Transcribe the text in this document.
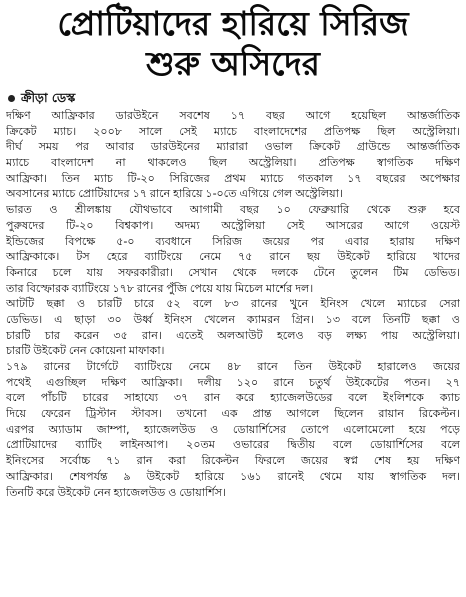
প্রোটিয়াদের হারিয়ে সিরিজ
শুরু অসিদের
ক্রীড়া ডেস্ক
দক্ষিণ আফ্রিকার ডারউইনে সবশেষ ১৭ বছর আগে হয়েছিল আন্তর্জাতিক
ক্রিকেট ম্যাচ। ২০০৮ সালে সেই ম্যাচে বাংলাদেশের প্রতিপক্ষ ছিল অস্ট্রেলিয়া।
দীর্ঘ সময় পর আবার ডারউইনের ম্যারারা ওভাল ক্রিকেট গ্রাউন্ডে আন্তর্জাতিক
ম্যাচে বাংলাদেশ না থাকলেও ছিল অস্ট্রেলিয়া। প্রতিপক্ষ স্বাগতিক দক্ষিণ
আফ্রিকা। তিন ম্যাচ টি-২০ সিরিজের প্রথম ম্যাচে গতকাল ১৭ বছরের অপেক্ষার
অবসানের ম্যাচে প্রোটিয়াদের ১৭ রানে হারিয়ে ১-০তে এগিয়ে গেল অস্ট্রেলিয়া।
ভারত ও শ্রীলঙ্কায় যৌথভাবে আগামী বছর ১০ ফেব্রুয়ারি থেকে শুরু হবে
পুরুষদের টি-২০ বিশ্বকাপ। অদম্য অস্ট্রেলিয়া সেই আসরের আগে ওয়েস্ট
ইন্ডিজের বিপক্ষে ৫-০ ব্যবধানে সিরিজ জয়ের পর এবার হারায় দক্ষিণ
আফ্রিকাকে। টস হেরে ব্যাটিংয়ে নেমে ৭৫ রানে ছয় উইকেট হারিয়ে খাদের
কিনারে চলে যায় সফরকারীরা। সেখান থেকে দলকে টেনে তুলেন টিম ডেভিড।
তার বিস্ফোরক ব্যাটিংয়ে ১৭৮ রানের পুঁজি পেয়ে যায় মিচেল মার্শের দল।
আটটি ছক্কা ও চারটি চারে ৫২ বলে ৮৩ রানের খুনে ইনিংস খেলে ম্যাচের সেরা
ডেভিড। এ ছাড়া ৩০ উর্ধ্ব ইনিংস খেলেন ক্যামরন গ্রিন। ১৩ বলে তিনটি ছক্কা ও
চারটি চার করেন ৩৫ রান। এতেই অলআউট হলেও বড় লক্ষ্য পায় অস্ট্রেলিয়া।
চারটি উইকেট নেন কোয়েনা মাফাকা।
১৭৯ রানের টার্গেটে ব্যাটিংয়ে নেমে ৪৮ রানে তিন উইকেট হারালেও জয়ের
পথেই এগুচ্ছিল দক্ষিণ আফ্রিকা। দলীয় ১২০ রানে চতুর্থ উইকেটের পতন। ২৭
বলে পাঁচটি চারের সাহায্যে ৩৭ রান করে হ্যাজেলউডের বলে ইংলিশকে ক্যাচ
দিয়ে ফেরেন ট্রিস্টান স্টাবস। তখনো এক প্রান্ত আগলে ছিলেন রায়ান রিকেল্টন।
এরপর অ্যাডাম জাম্পা, হ্যাজেলউড ও ডোয়ার্শিসের তোপে এলোমেলো হয়ে পড়ে
প্রোটিয়াদের ব্যাটিং লাইনআপ। ২০তম ওভারের দ্বিতীয় বলে ডোয়ার্শিসের বলে
ইনিংসের সর্বোচ্চ ৭১ রান করা রিকেল্টন ফিরলে জয়ের স্বপ্ন শেষ হয় দক্ষিণ
আফ্রিকার। শেষপর্যন্ত ৯ উইকেট হারিয়ে ১৬১ রানেই থেমে যায় স্বাগতিক দল।
তিনটি করে উইকেট নেন হ্যাজেলউড ও ডোয়ার্শিস।
